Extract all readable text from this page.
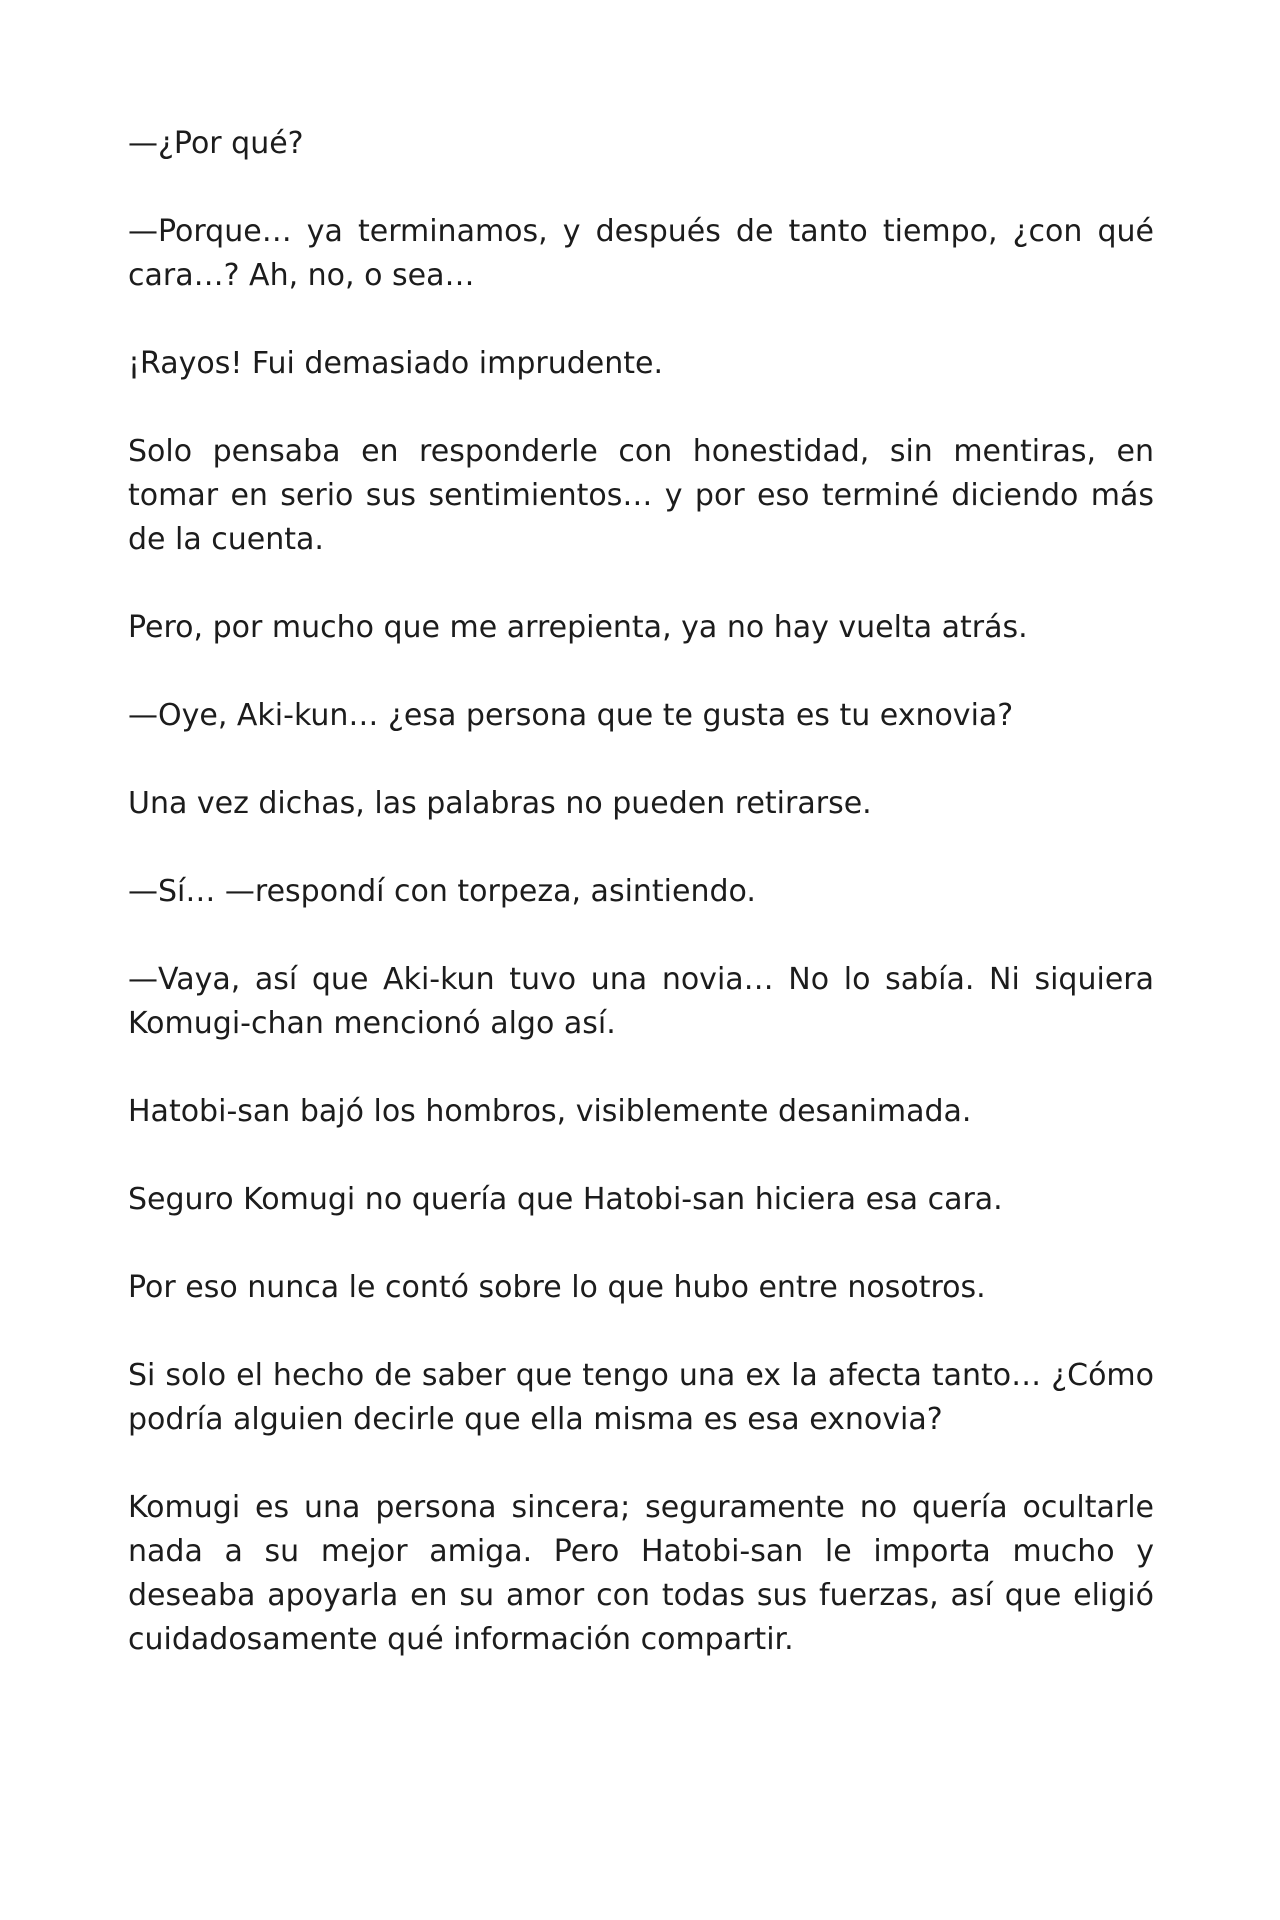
—¿Por qué?

—Porque… ya terminamos, y después de tanto tiempo, ¿con qué cara…? Ah, no, o sea…

¡Rayos! Fui demasiado imprudente.

Solo pensaba en responderle con honestidad, sin mentiras, en tomar en serio sus sentimientos… y por eso terminé diciendo más de la cuenta.

Pero, por mucho que me arrepienta, ya no hay vuelta atrás.

—Oye, Aki-kun… ¿esa persona que te gusta es tu exnovia?

Una vez dichas, las palabras no pueden retirarse.

—Sí… —respondí con torpeza, asintiendo.

—Vaya, así que Aki-kun tuvo una novia… No lo sabía. Ni siquiera Komugi-chan mencionó algo así.

Hatobi-san bajó los hombros, visiblemente desanimada.

Seguro Komugi no quería que Hatobi-san hiciera esa cara.

Por eso nunca le contó sobre lo que hubo entre nosotros.

Si solo el hecho de saber que tengo una ex la afecta tanto… ¿Cómo podría alguien decirle que ella misma es esa exnovia?

Komugi es una persona sincera; seguramente no quería ocultarle nada a su mejor amiga. Pero Hatobi-san le importa mucho y deseaba apoyarla en su amor con todas sus fuerzas, así que eligió cuidadosamente qué información compartir.
